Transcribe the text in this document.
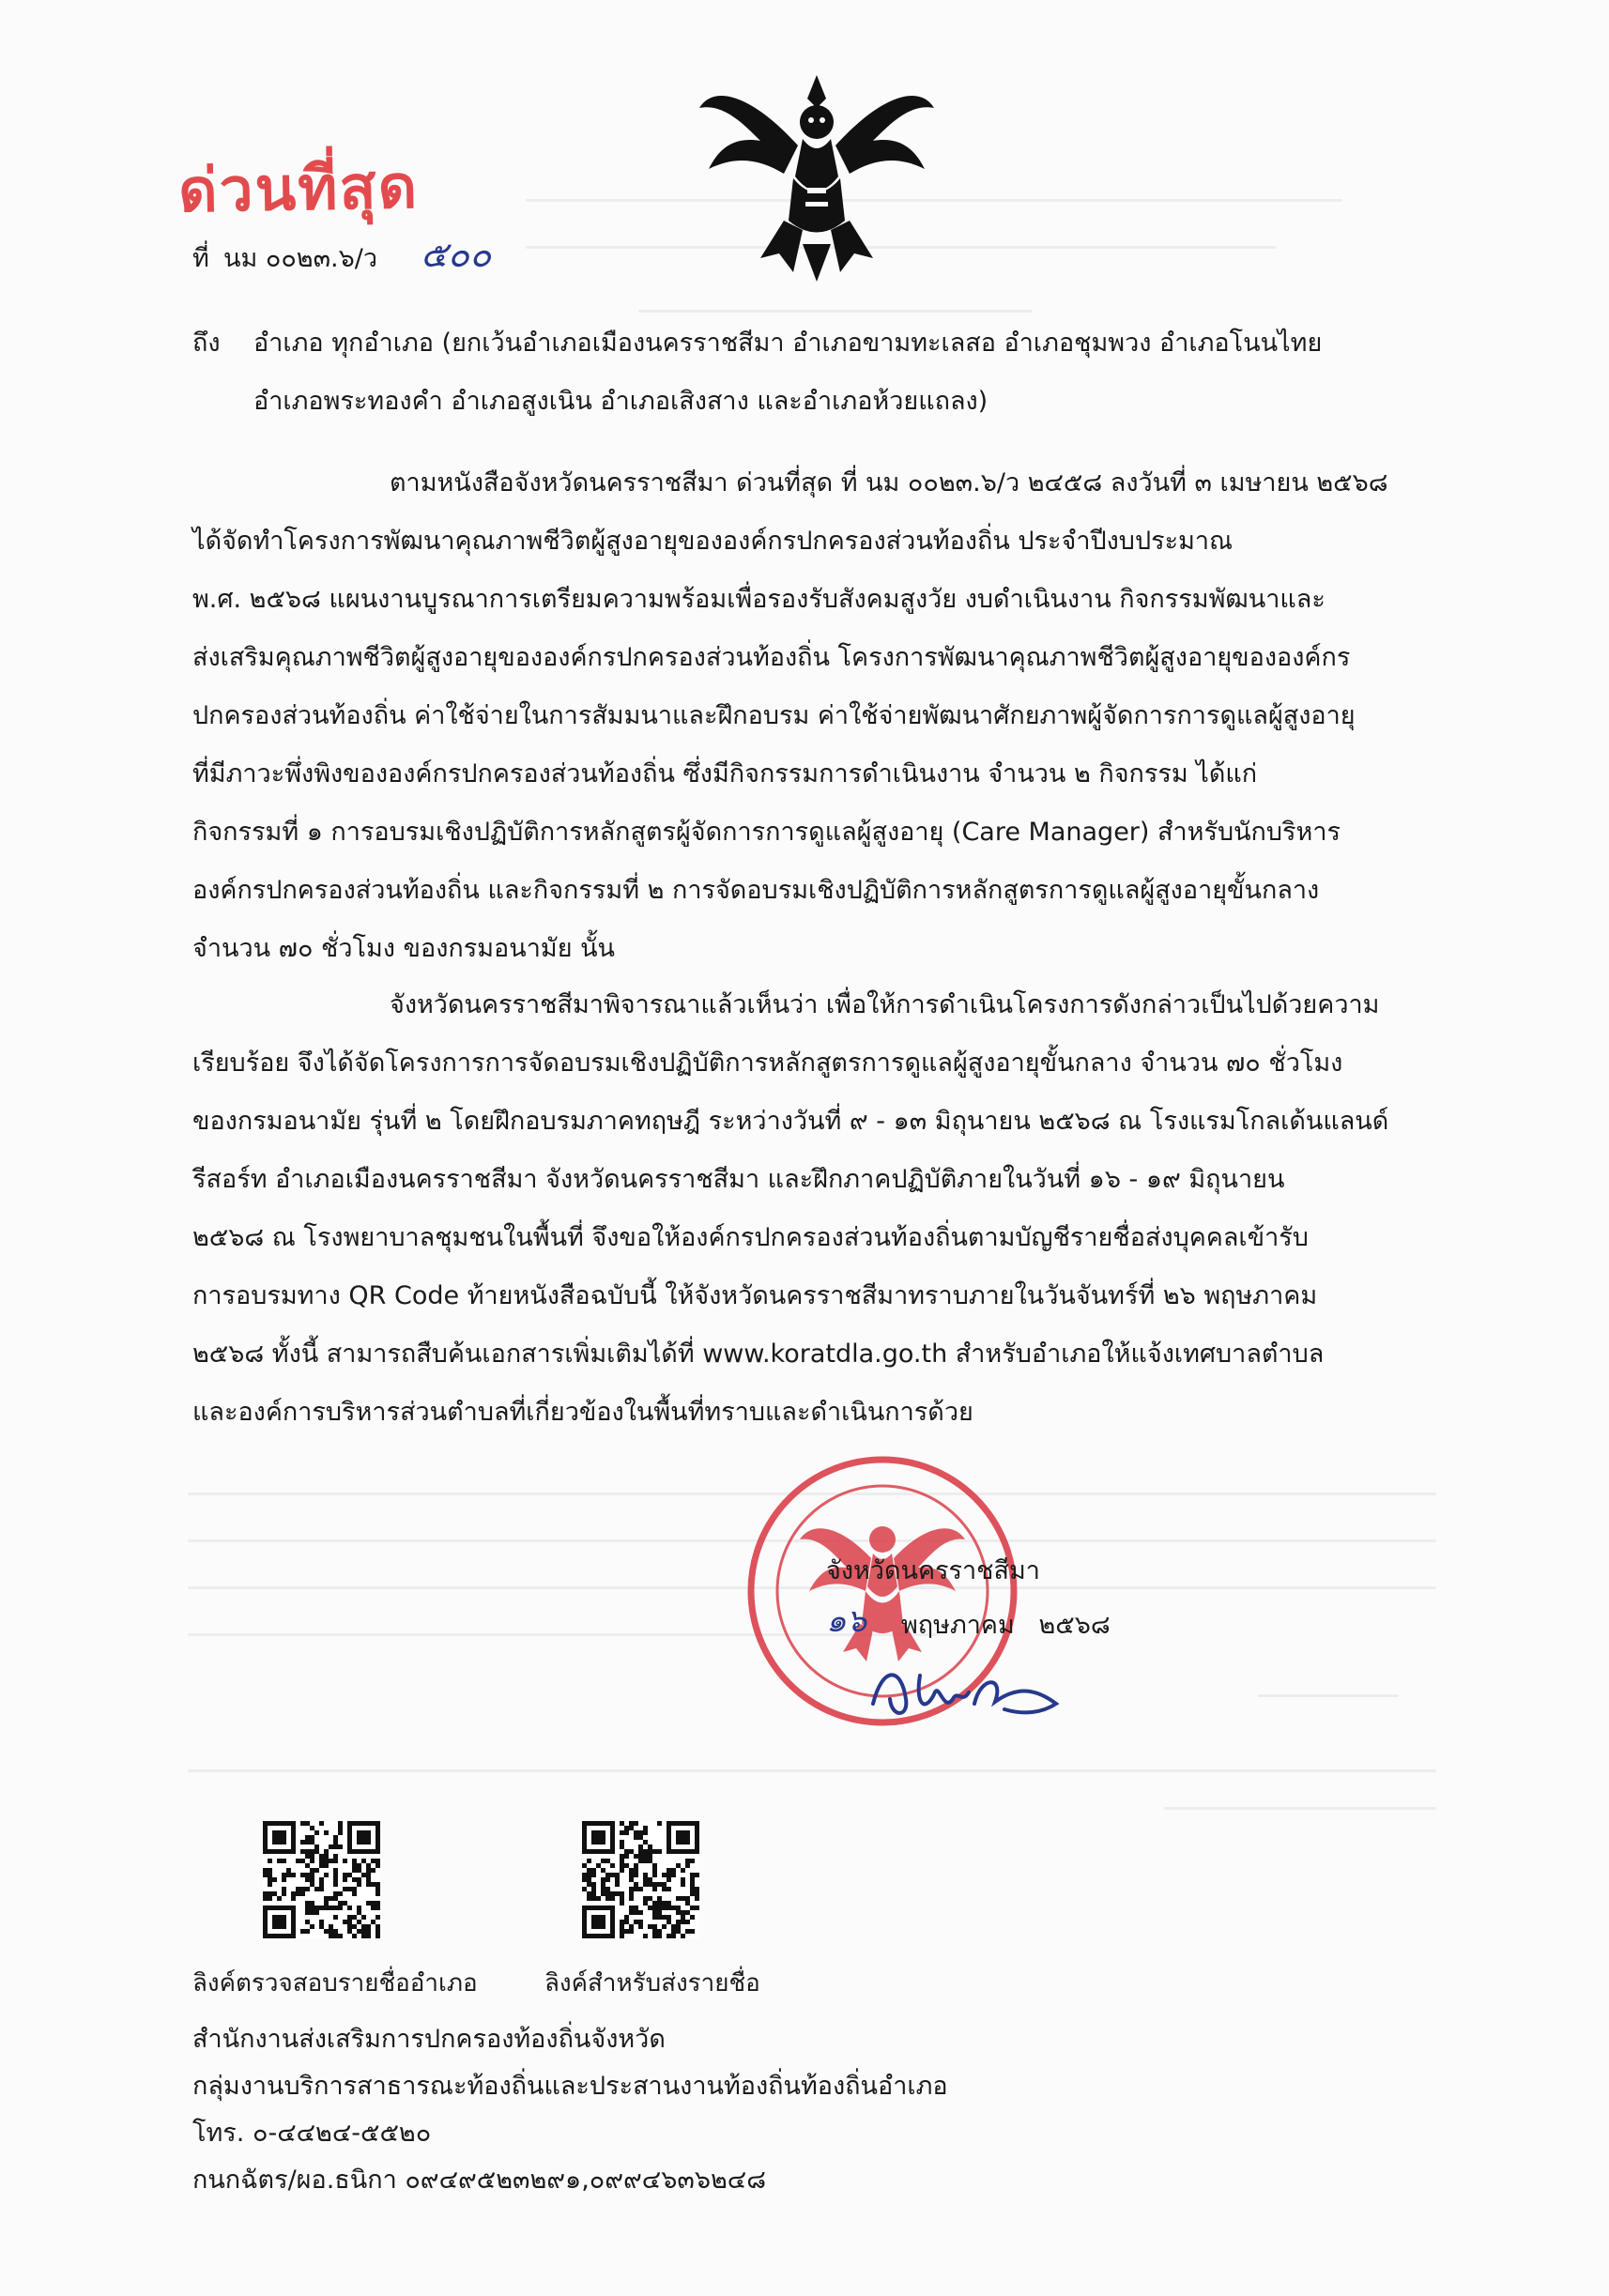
ด่วนที่สุด
ที่ นม ๐๐๒๓.๖/ว ๕๐๐
ถึง อำเภอ ทุกอำเภอ (ยกเว้นอำเภอเมืองนครราชสีมา อำเภอขามทะเลสอ อำเภอชุมพวง อำเภอโนนไทย
อำเภอพระทองคำ อำเภอสูงเนิน อำเภอเสิงสาง และอำเภอห้วยแถลง)
ตามหนังสือจังหวัดนครราชสีมา ด่วนที่สุด ที่ นม ๐๐๒๓.๖/ว ๒๔๕๘ ลงวันที่ ๓ เมษายน ๒๕๖๘
ได้จัดทำโครงการพัฒนาคุณภาพชีวิตผู้สูงอายุขององค์กรปกครองส่วนท้องถิ่น ประจำปีงบประมาณ
พ.ศ. ๒๕๖๘ แผนงานบูรณาการเตรียมความพร้อมเพื่อรองรับสังคมสูงวัย งบดำเนินงาน กิจกรรมพัฒนาและ
ส่งเสริมคุณภาพชีวิตผู้สูงอายุขององค์กรปกครองส่วนท้องถิ่น โครงการพัฒนาคุณภาพชีวิตผู้สูงอายุขององค์กร
ปกครองส่วนท้องถิ่น ค่าใช้จ่ายในการสัมมนาและฝึกอบรม ค่าใช้จ่ายพัฒนาศักยภาพผู้จัดการการดูแลผู้สูงอายุ
ที่มีภาวะพึ่งพิงขององค์กรปกครองส่วนท้องถิ่น ซึ่งมีกิจกรรมการดำเนินงาน จำนวน ๒ กิจกรรม ได้แก่
กิจกรรมที่ ๑ การอบรมเชิงปฏิบัติการหลักสูตรผู้จัดการการดูแลผู้สูงอายุ (Care Manager) สำหรับนักบริหาร
องค์กรปกครองส่วนท้องถิ่น และกิจกรรมที่ ๒ การจัดอบรมเชิงปฏิบัติการหลักสูตรการดูแลผู้สูงอายุขั้นกลาง
จำนวน ๗๐ ชั่วโมง ของกรมอนามัย นั้น
จังหวัดนครราชสีมาพิจารณาแล้วเห็นว่า เพื่อให้การดำเนินโครงการดังกล่าวเป็นไปด้วยความ
เรียบร้อย จึงได้จัดโครงการการจัดอบรมเชิงปฏิบัติการหลักสูตรการดูแลผู้สูงอายุขั้นกลาง จำนวน ๗๐ ชั่วโมง
ของกรมอนามัย รุ่นที่ ๒ โดยฝึกอบรมภาคทฤษฎี ระหว่างวันที่ ๙ - ๑๓ มิถุนายน ๒๕๖๘ ณ โรงแรมโกลเด้นแลนด์
รีสอร์ท อำเภอเมืองนครราชสีมา จังหวัดนครราชสีมา และฝึกภาคปฏิบัติภายในวันที่ ๑๖ - ๑๙ มิถุนายน
๒๕๖๘ ณ โรงพยาบาลชุมชนในพื้นที่ จึงขอให้องค์กรปกครองส่วนท้องถิ่นตามบัญชีรายชื่อส่งบุคคลเข้ารับ
การอบรมทาง QR Code ท้ายหนังสือฉบับนี้ ให้จังหวัดนครราชสีมาทราบภายในวันจันทร์ที่ ๒๖ พฤษภาคม
๒๕๖๘ ทั้งนี้ สามารถสืบค้นเอกสารเพิ่มเติมได้ที่ www.koratdla.go.th สำหรับอำเภอให้แจ้งเทศบาลตำบล
และองค์การบริหารส่วนตำบลที่เกี่ยวข้องในพื้นที่ทราบและดำเนินการด้วย
จังหวัดนครราชสีมา
๑๖ พฤษภาคม   ๒๕๖๘
ลิงค์ตรวจสอบรายชื่ออำเภอ	ลิงค์สำหรับส่งรายชื่อ
สำนักงานส่งเสริมการปกครองท้องถิ่นจังหวัด
กลุ่มงานบริการสาธารณะท้องถิ่นและประสานงานท้องถิ่นท้องถิ่นอำเภอ
โทร. ๐-๔๔๒๔-๕๕๒๐
กนกฉัตร/ผอ.ธนิกา ๐๙๔๙๕๒๓๒๙๑,๐๙๙๔๖๓๖๒๔๘
